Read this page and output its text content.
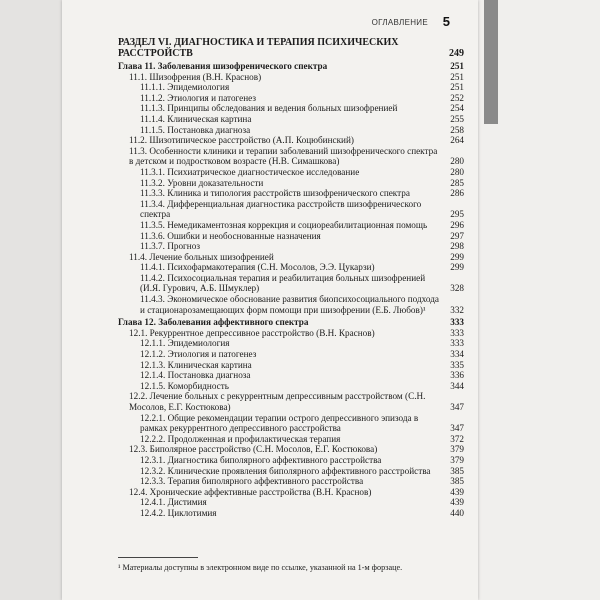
ОГЛАВЛЕНИЕ 5
РАЗДЕЛ VI. ДИАГНОСТИКА И ТЕРАПИЯ ПСИХИЧЕСКИХ РАССТРОЙСТВ	249
Глава 11. Заболевания шизофренического спектра	251
11.1. Шизофрения (В.Н. Краснов)	251
11.1.1. Эпидемиология	251
11.1.2. Этиология и патогенез	252
11.1.3. Принципы обследования и ведения больных шизофренией	254
11.1.4. Клиническая картина	255
11.1.5. Постановка диагноза	258
11.2. Шизотипическое расстройство (А.П. Коцюбинский)	264
11.3. Особенности клиники и терапии заболеваний шизофренического спектра в детском и подростковом возрасте (Н.В. Симашкова)	280
11.3.1. Психиатрическое диагностическое исследование	280
11.3.2. Уровни доказательности	285
11.3.3. Клиника и типология расстройств шизофренического спектра	286
11.3.4. Дифференциальная диагностика расстройств шизофренического спектра	295
11.3.5. Немедикаментозная коррекция и социореабилитационная помощь	296
11.3.6. Ошибки и необоснованные назначения	297
11.3.7. Прогноз	298
11.4. Лечение больных шизофренией	299
11.4.1. Психофармакотерапия (С.Н. Мосолов, Э.Э. Цукарзи)	299
11.4.2. Психосоциальная терапия и реабилитация больных шизофренией (И.Я. Гурович, А.Б. Шмуклер)	328
11.4.3. Экономическое обоснование развития биопсихосоциального подхода и стационарозамещающих форм помощи при шизофрении (Е.Б. Любов)¹	332
Глава 12. Заболевания аффективного спектра	333
12.1. Рекуррентное депрессивное расстройство (В.Н. Краснов)	333
12.1.1. Эпидемиология	333
12.1.2. Этиология и патогенез	334
12.1.3. Клиническая картина	335
12.1.4. Постановка диагноза	336
12.1.5. Коморбидность	344
12.2. Лечение больных с рекуррентным депрессивным расстройством (С.Н. Мосолов, Е.Г. Костюкова)	347
12.2.1. Общие рекомендации терапии острого депрессивного эпизода в рамках рекуррентного депрессивного расстройства	347
12.2.2. Продолженная и профилактическая терапия	372
12.3. Биполярное расстройство (С.Н. Мосолов, Е.Г. Костюкова)	379
12.3.1. Диагностика биполярного аффективного расстройства	379
12.3.2. Клинические проявления биполярного аффективного расстройства	385
12.3.3. Терапия биполярного аффективного расстройства	385
12.4. Хронические аффективные расстройства (В.Н. Краснов)	439
12.4.1. Дистимия	439
12.4.2. Циклотимия	440
¹ Материалы доступны в электронном виде по ссылке, указанной на 1-м форзаце.
